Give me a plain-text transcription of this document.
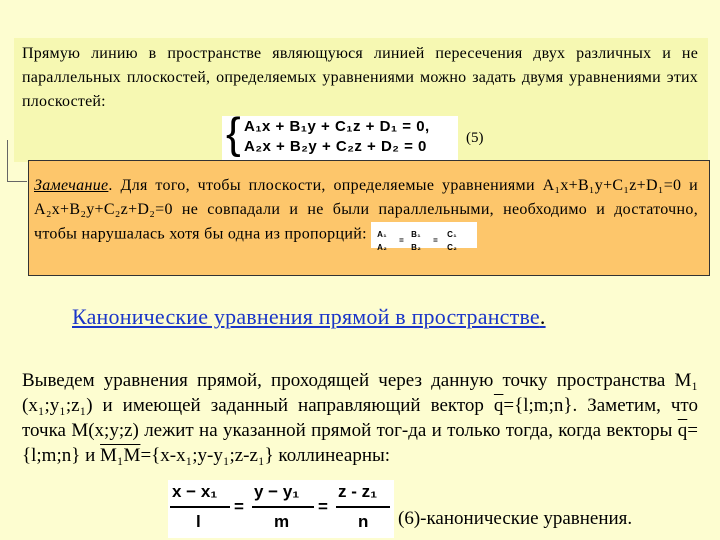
Прямую линию в пространстве являющуюся линией пересечения двух различных и не параллельных плоскостей, определяемых уравнениями можно задать двумя уравнениями этих плоскостей:
{ A₁x + B₁y + C₁z + D₁ = 0,
A₂x + B₂y + C₂z + D₂ = 0	(5)
Замечание. Для того, чтобы плоскости, определяемые уравнениями A₁x+B₁y+C₁z+D₁=0 и A₂x+B₂y+C₂z+D₂=0 не совпадали и не были параллельными, необходимо и достаточно, чтобы нарушалась хотя бы одна из пропорций: A₁
A₂
=
B₁
B₂
=
C₁
C₂
Канонические уравнения прямой в пространстве.
Выведем уравнения прямой, проходящей через данную точку пространства M₁ (x₁;y₁;z₁) и имеющей заданный направляющий вектор $\overline{q}=\{l;m;n\}$. Заметим, что точка M(x;y;z) лежит на указанной прямой тог-да и только тогда, когда векторы $\overline{q}=\{l;m;n\}$ и M₁M={x-x₁;y-y₁;z-z₁} коллинеарны:
x − x₁
l
=
y − y₁
m
=
z - z₁
n (6)-канонические уравнения.
